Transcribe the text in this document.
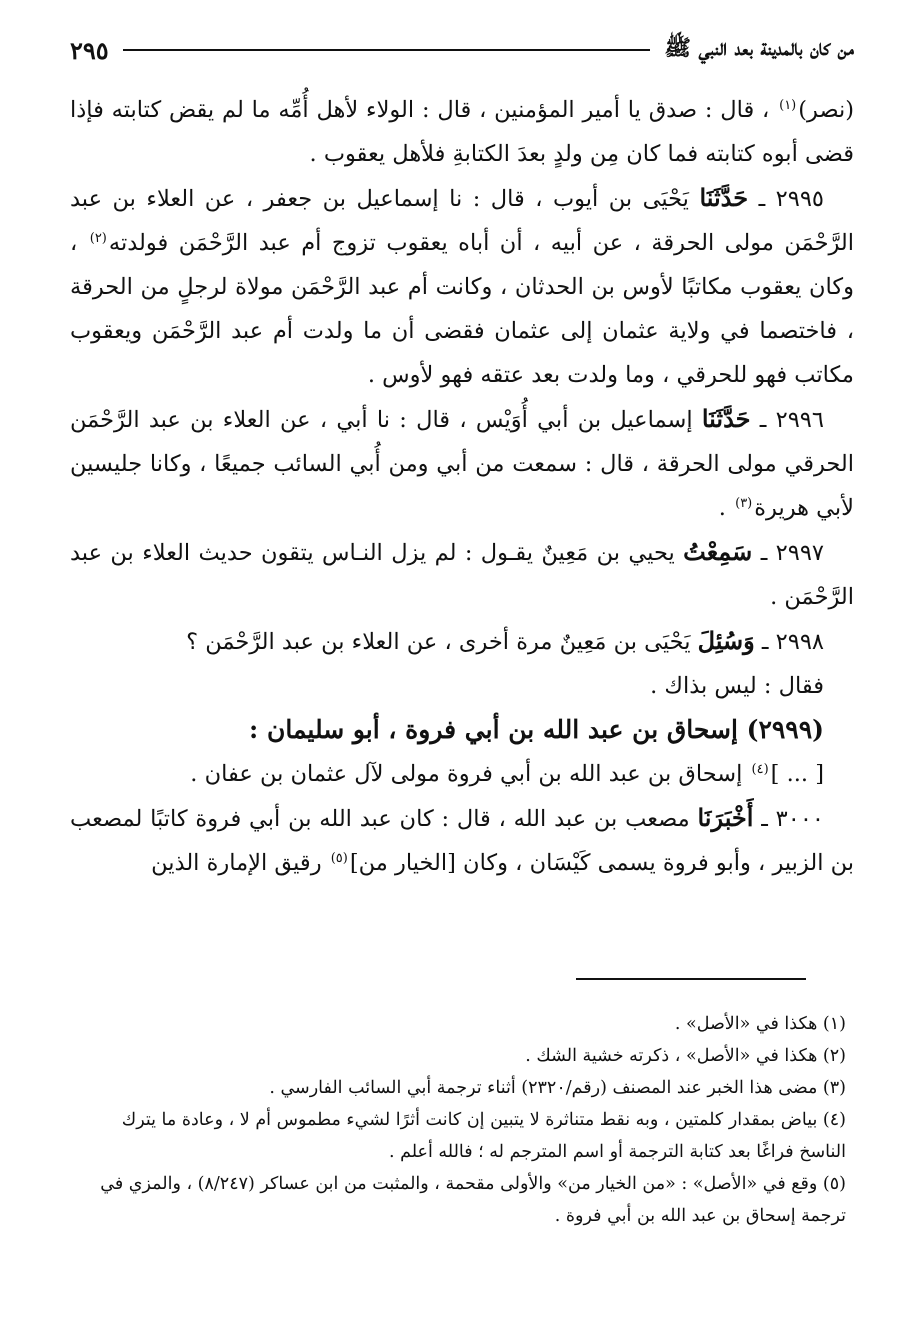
من كان بالمدينة بعد النبي ﷺ
٢٩٥

(نصر)$^{(١)}$ ، قال : صدق يا أمير المؤمنين ، قال : الولاء لأهل أُمِّه ما لم يقض كتابته فإذا قضى أبوه كتابته فما كان مِن ولدٍ بعدَ الكتابةِ فلأهل يعقوب .

٢٩٩٥ ـ حَدَّثَنَا يَحْيَى بن أيوب ، قال : نا إسماعيل بن جعفر ، عن العلاء بن عبد الرَّحْمَن مولى الحرقة ، عن أبيه ، أن أباه يعقوب تزوج أم عبد الرَّحْمَن فولدته$^{(٢)}$ ، وكان يعقوب مكاتبًا لأوس بن الحدثان ، وكانت أم عبد الرَّحْمَن مولاة لرجلٍ من الحرقة ، فاختصما في ولاية عثمان إلى عثمان فقضى أن ما ولدت أم عبد الرَّحْمَن ويعقوب مكاتب فهو للحرقي ، وما ولدت بعد عتقه فهو لأوس .

٢٩٩٦ ـ حَدَّثَنَا إسماعيل بن أبي أُوَيْس ، قال : نا أبي ، عن العلاء بن عبد الرَّحْمَن الحرقي مولى الحرقة ، قال : سمعت من أبي ومن أُبي السائب جميعًا ، وكانا جليسين لأبي هريرة$^{(٣)}$ .

٢٩٩٧ ـ سَمِعْتُ يحيي بن مَعِينٌ يقـول : لم يزل النـاس يتقون حديث العلاء بن عبد الرَّحْمَن .

٢٩٩٨ ـ وَسُئِلَ يَحْيَى بن مَعِينٌ مرة أخرى ، عن العلاء بن عبد الرَّحْمَن ؟
فقال : ليس بذاك .

(٢٩٩٩) إسحاق بن عبد الله بن أبي فروة ، أبو سليمان :

[ ... ]$^{(٤)}$ إسحاق بن عبد الله بن أبي فروة مولى لآل عثمان بن عفان .

٣٠٠٠ ـ أَخْبَرَنَا مصعب بن عبد الله ، قال : كان عبد الله بن أبي فروة كاتبًا لمصعب بن الزبير ، وأبو فروة يسمى كَيْسَان ، وكان [الخيار من]$^{(٥)}$ رقيق الإمارة الذين

(١) هكذا في «الأصل» .

(٢) هكذا في «الأصل» ، ذكرته خشية الشك .

(٣) مضى هذا الخبر عند المصنف (رقم/٢٣٢٠) أثناء ترجمة أبي السائب الفارسي .

(٤) بياض بمقدار كلمتين ، وبه نقط متناثرة لا يتبين إن كانت أثرًا لشيء مطموس أم لا ، وعادة ما يترك الناسخ فراغًا بعد كتابة الترجمة أو اسم المترجم له ؛ فالله أعلم .

(٥) وقع في «الأصل» : «من الخيار من» والأولى مقحمة ، والمثبت من ابن عساكر (٨/٢٤٧) ، والمزي في ترجمة إسحاق بن عبد الله بن أبي فروة .
